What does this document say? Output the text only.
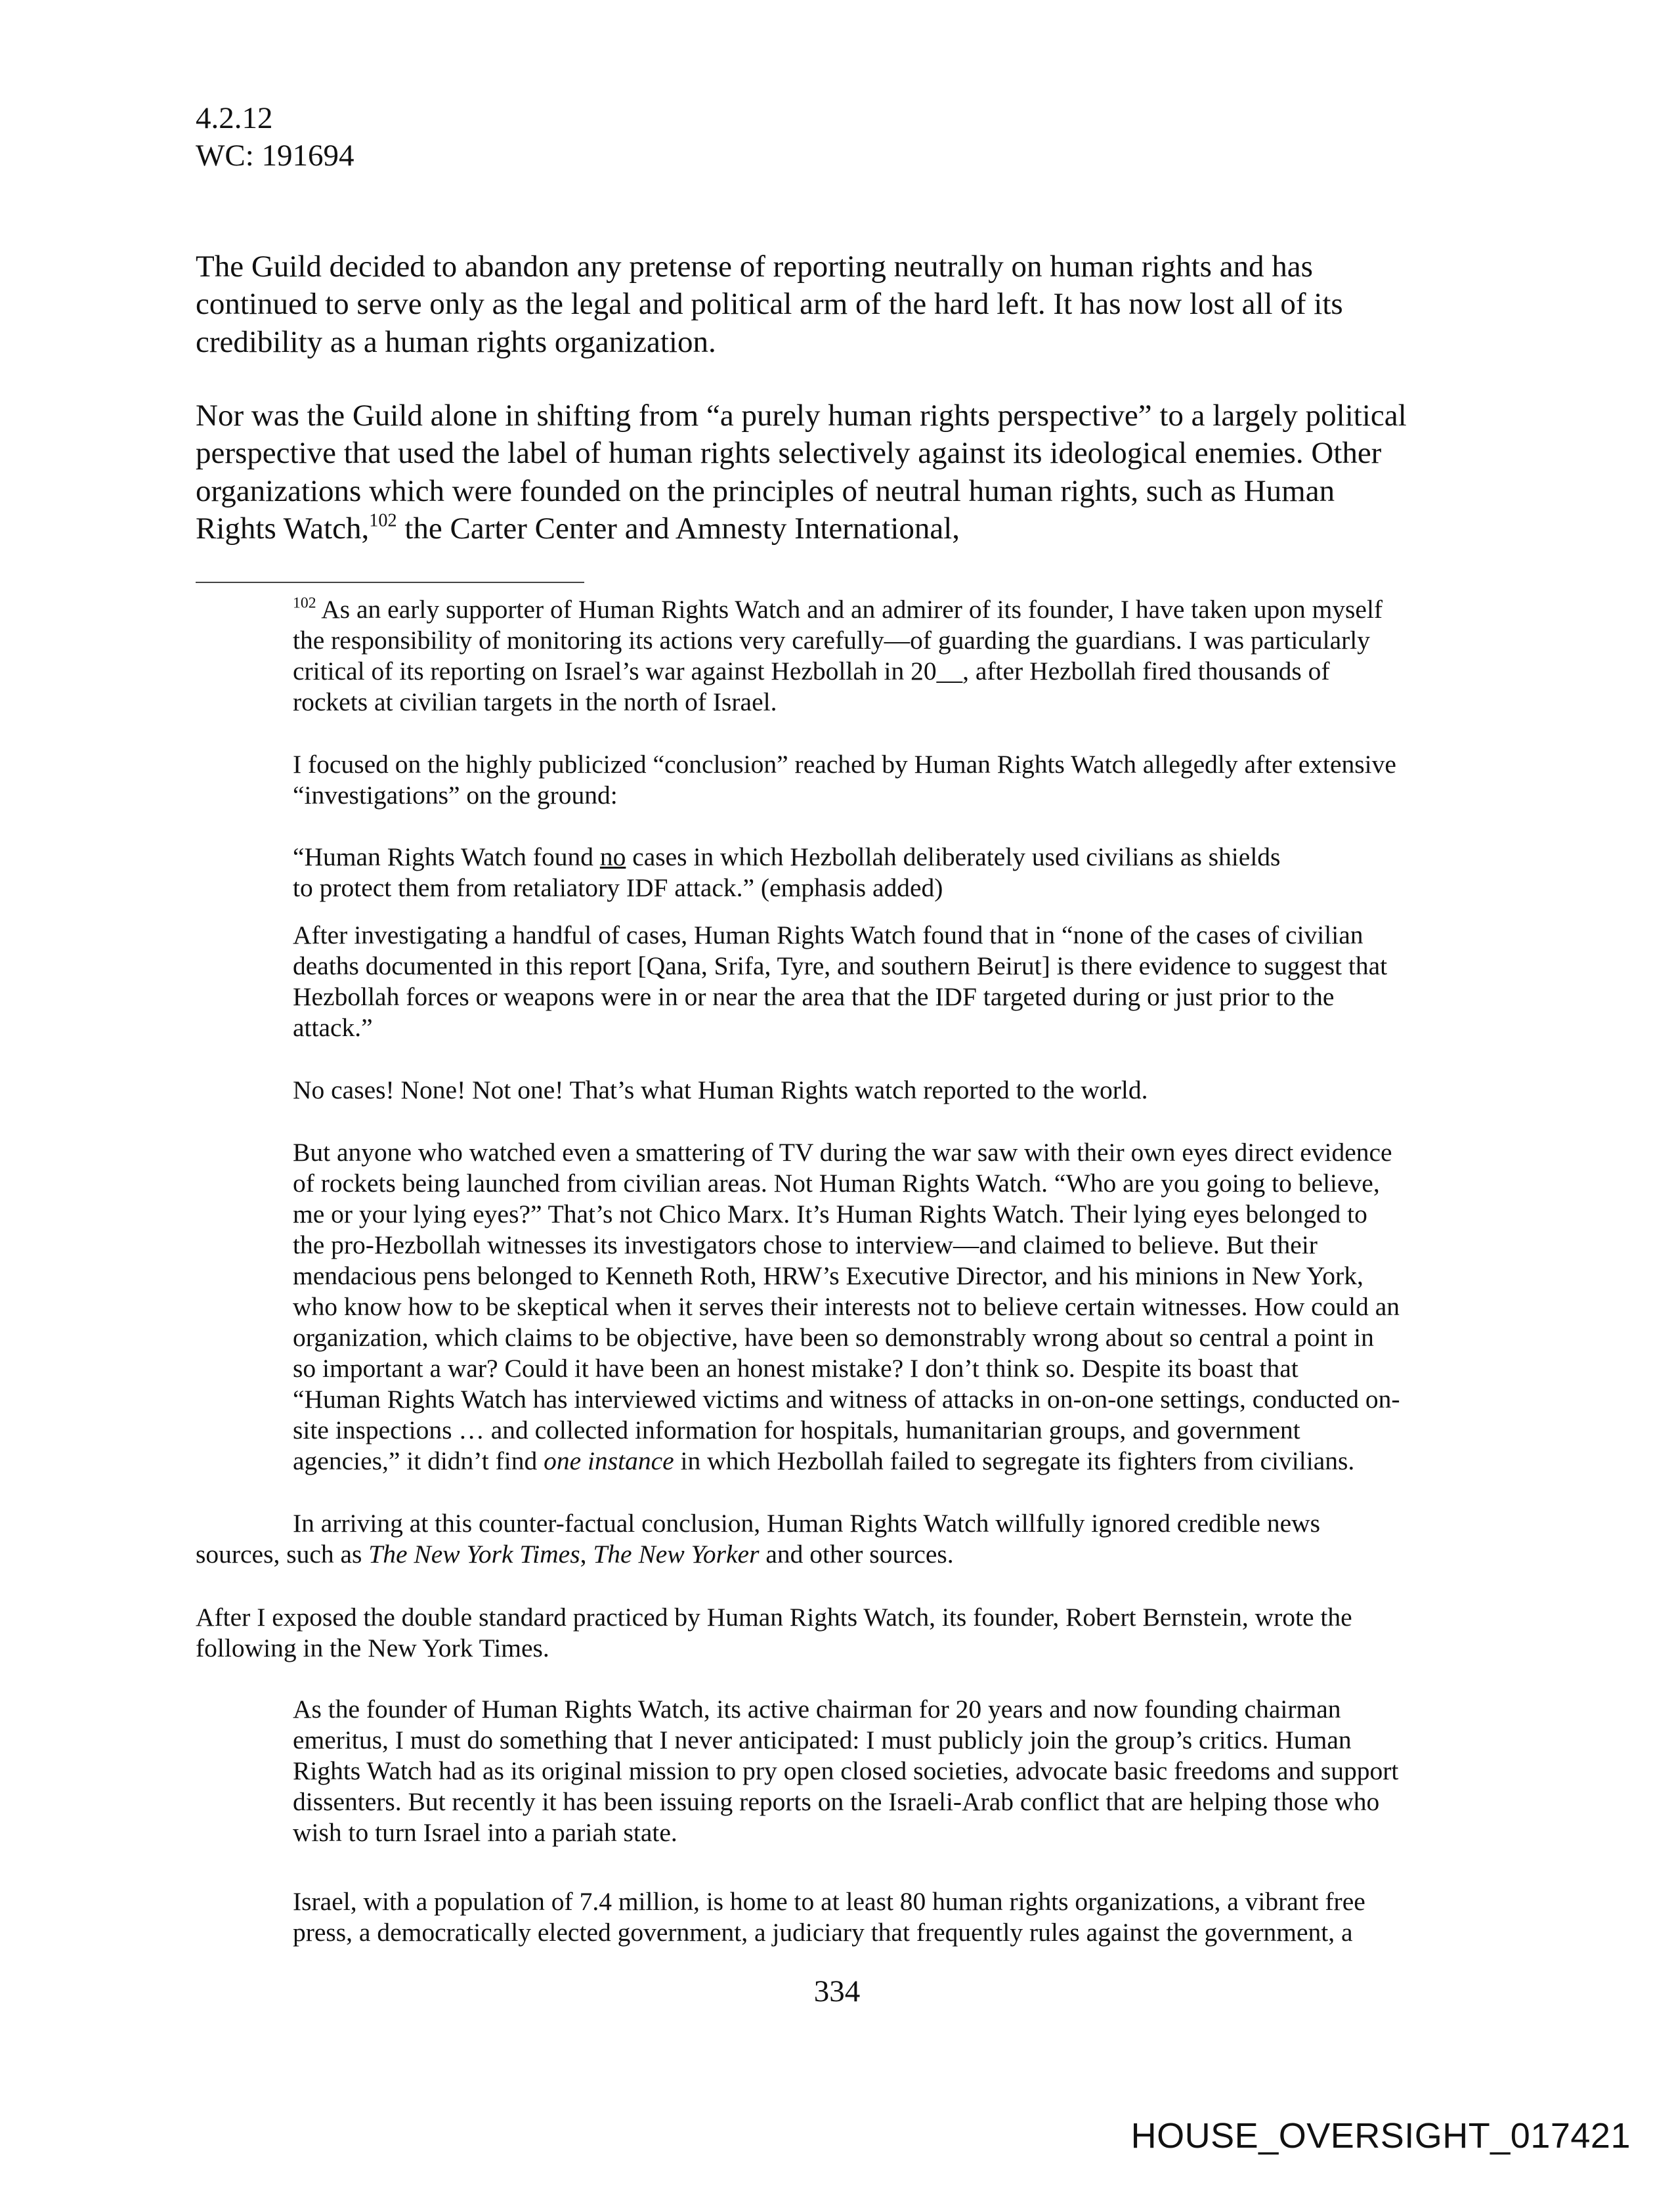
4.2.12
WC: 191694
The Guild decided to abandon any pretense of reporting neutrally on human rights and has
continued to serve only as the legal and political arm of the hard left. It has now lost all of its
credibility as a human rights organization.
Nor was the Guild alone in shifting from “a purely human rights perspective” to a largely political
perspective that used the label of human rights selectively against its ideological enemies. Other
organizations which were founded on the principles of neutral human rights, such as Human
Rights Watch,$^{102}$ the Carter Center and Amnesty International,
$^{102}$ As an early supporter of Human Rights Watch and an admirer of its founder, I have taken upon myself
the responsibility of monitoring its actions very carefully—of guarding the guardians. I was particularly
critical of its reporting on Israel’s war against Hezbollah in 20__, after Hezbollah fired thousands of
rockets at civilian targets in the north of Israel.
I focused on the highly publicized “conclusion” reached by Human Rights Watch allegedly after extensive
“investigations” on the ground:
“Human Rights Watch found no cases in which Hezbollah deliberately used civilians as shields
to protect them from retaliatory IDF attack.” (emphasis added)
After investigating a handful of cases, Human Rights Watch found that in “none of the cases of civilian
deaths documented in this report [Qana, Srifa, Tyre, and southern Beirut] is there evidence to suggest that
Hezbollah forces or weapons were in or near the area that the IDF targeted during or just prior to the
attack.”
No cases! None! Not one! That’s what Human Rights watch reported to the world.
But anyone who watched even a smattering of TV during the war saw with their own eyes direct evidence
of rockets being launched from civilian areas. Not Human Rights Watch. “Who are you going to believe,
me or your lying eyes?” That’s not Chico Marx. It’s Human Rights Watch. Their lying eyes belonged to
the pro-Hezbollah witnesses its investigators chose to interview—and claimed to believe. But their
mendacious pens belonged to Kenneth Roth, HRW’s Executive Director, and his minions in New York,
who know how to be skeptical when it serves their interests not to believe certain witnesses. How could an
organization, which claims to be objective, have been so demonstrably wrong about so central a point in
so important a war? Could it have been an honest mistake? I don’t think so. Despite its boast that
“Human Rights Watch has interviewed victims and witness of attacks in on-on-one settings, conducted on-
site inspections … and collected information for hospitals, humanitarian groups, and government
agencies,” it didn’t find one instance in which Hezbollah failed to segregate its fighters from civilians.
In arriving at this counter-factual conclusion, Human Rights Watch willfully ignored credible news
sources, such as The New York Times, The New Yorker and other sources.
After I exposed the double standard practiced by Human Rights Watch, its founder, Robert Bernstein, wrote the
following in the New York Times.
As the founder of Human Rights Watch, its active chairman for 20 years and now founding chairman
emeritus, I must do something that I never anticipated: I must publicly join the group’s critics. Human
Rights Watch had as its original mission to pry open closed societies, advocate basic freedoms and support
dissenters. But recently it has been issuing reports on the Israeli-Arab conflict that are helping those who
wish to turn Israel into a pariah state.
Israel, with a population of 7.4 million, is home to at least 80 human rights organizations, a vibrant free
press, a democratically elected government, a judiciary that frequently rules against the government, a
334
HOUSE_OVERSIGHT_017421
